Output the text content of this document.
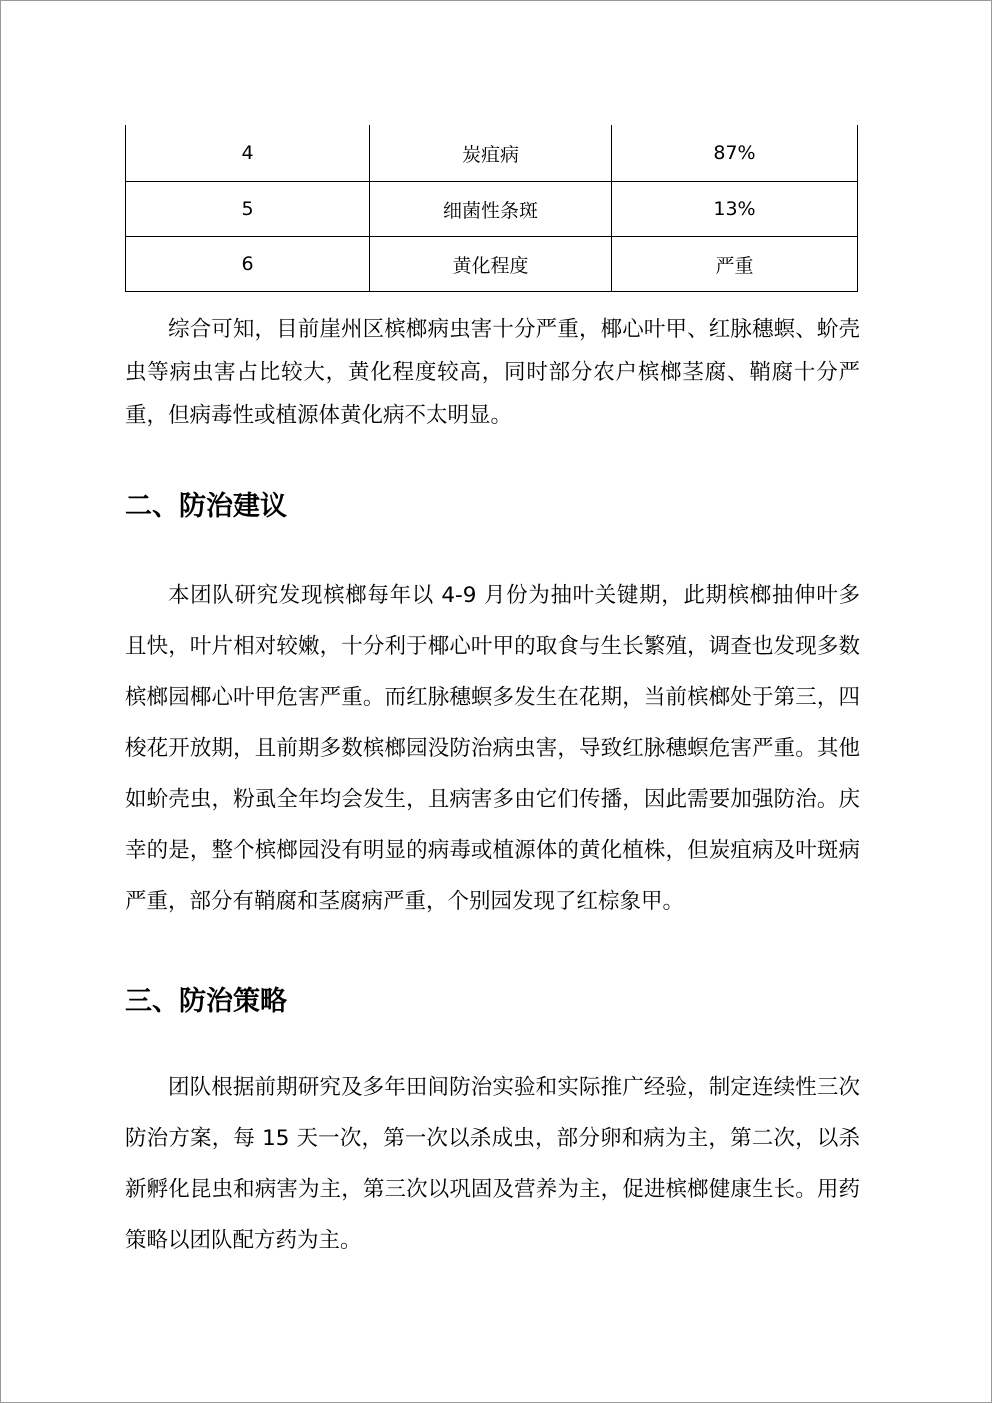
4	炭疽病	87%
5	细菌性条斑	13%
6	黄化程度	严重

综合可知，目前崖州区槟榔病虫害十分严重，椰心叶甲、红脉穗螟、蚧壳虫等病虫害占比较大，黄化程度较高，同时部分农户槟榔茎腐、鞘腐十分严重，但病毒性或植源体黄化病不太明显。

二、防治建议

本团队研究发现槟榔每年以 4-9 月份为抽叶关键期，此期槟榔抽伸叶多且快，叶片相对较嫩，十分利于椰心叶甲的取食与生长繁殖，调查也发现多数槟榔园椰心叶甲危害严重。而红脉穗螟多发生在花期，当前槟榔处于第三，四梭花开放期，且前期多数槟榔园没防治病虫害，导致红脉穗螟危害严重。其他如蚧壳虫，粉虱全年均会发生，且病害多由它们传播，因此需要加强防治。庆幸的是，整个槟榔园没有明显的病毒或植源体的黄化植株，但炭疽病及叶斑病严重，部分有鞘腐和茎腐病严重，个别园发现了红棕象甲。

三、防治策略

团队根据前期研究及多年田间防治实验和实际推广经验，制定连续性三次防治方案，每 15 天一次，第一次以杀成虫，部分卵和病为主，第二次，以杀新孵化昆虫和病害为主，第三次以巩固及营养为主，促进槟榔健康生长。用药策略以团队配方药为主。
